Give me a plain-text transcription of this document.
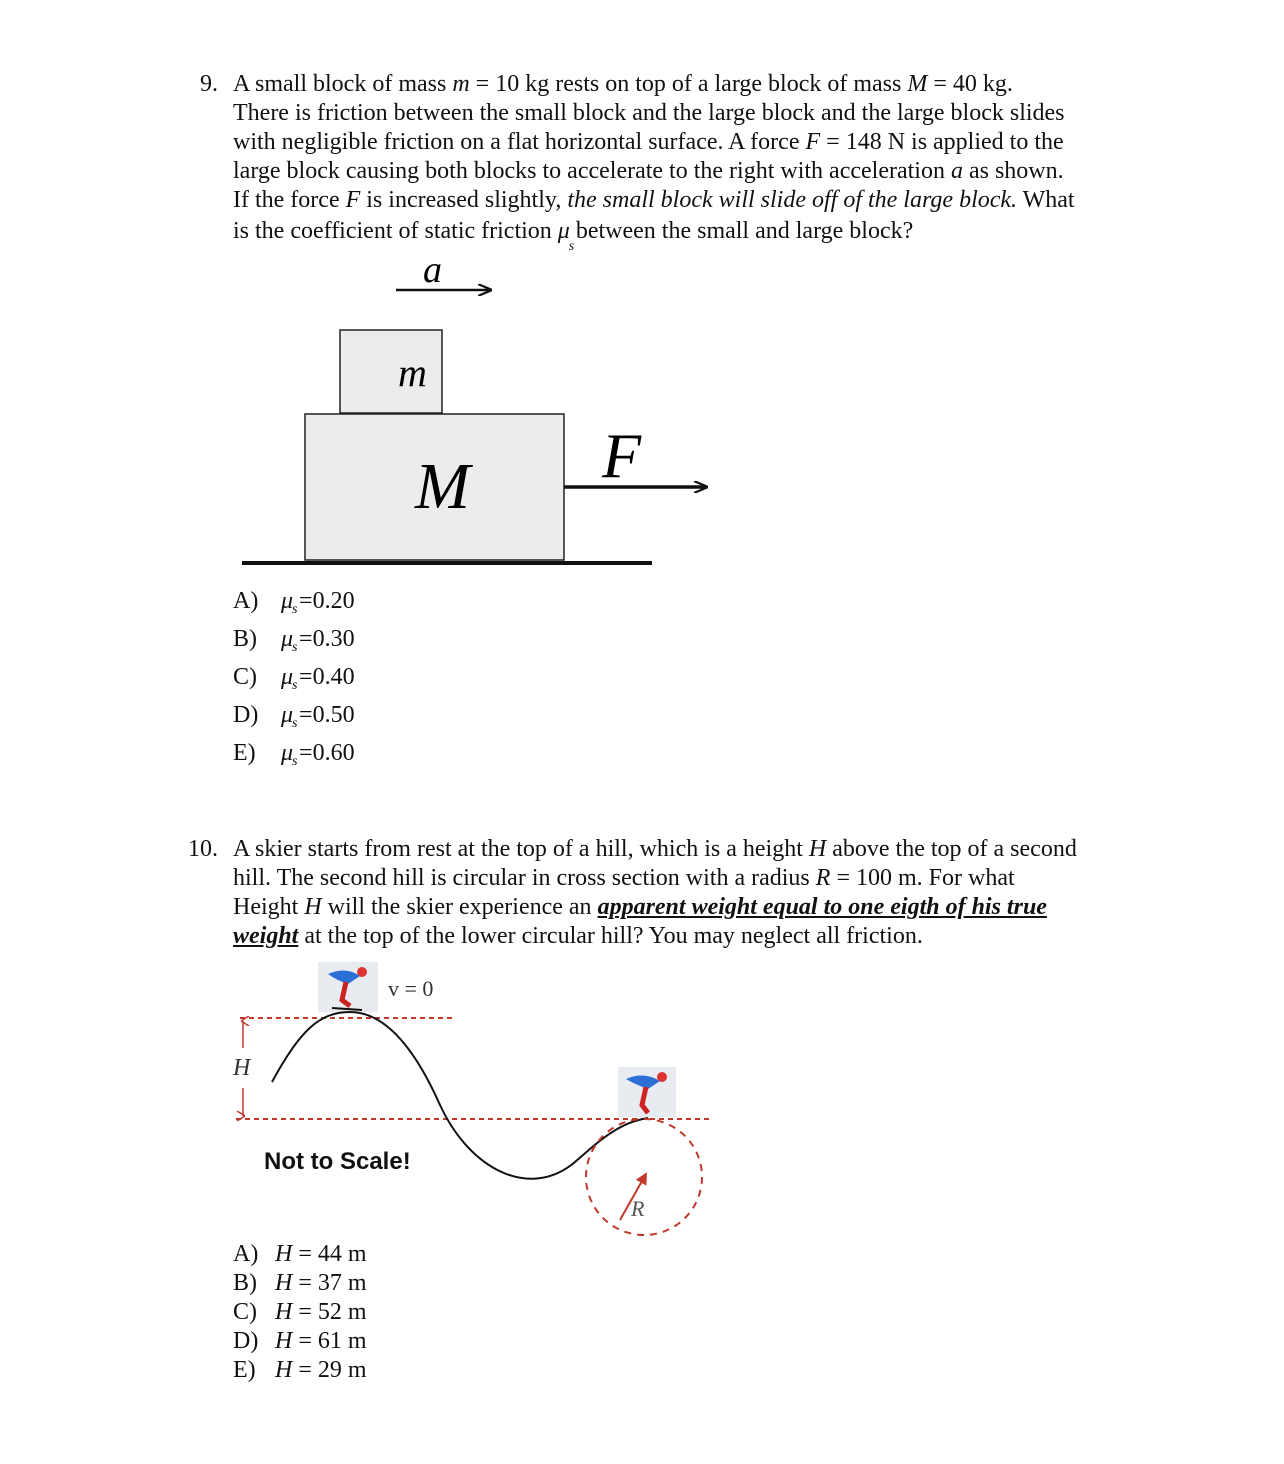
9. A small block of mass m = 10 kg rests on top of a large block of mass M = 40 kg.
There is friction between the small block and the large block and the large block slides
with negligible friction on a flat horizontal surface. A force F = 148 N is applied to the
large block causing both blocks to accelerate to the right with acceleration a as shown.
If the force F is increased slightly, the small block will slide off of the large block. What
is the coefficient of static friction μ
s
between the small and large block?
a
m
M F
A) μ
s =0.20
B) μ
s =0.30
C) μ
s =0.40
D) μ
s =0.50
E) μ
s =0.60
10. A skier starts from rest at the top of a hill, which is a height H above the top of a second
hill. The second hill is circular in cross section with a radius R = 100 m. For what
Height H will the skier experience an apparent weight equal to one eigth of his true
weight at the top of the lower circular hill? You may neglect all friction.
v = 0
H
R
Not to Scale!
A) H = 44 m
B) H = 37 m
C) H = 52 m
D) H = 61 m
E) H = 29 m
